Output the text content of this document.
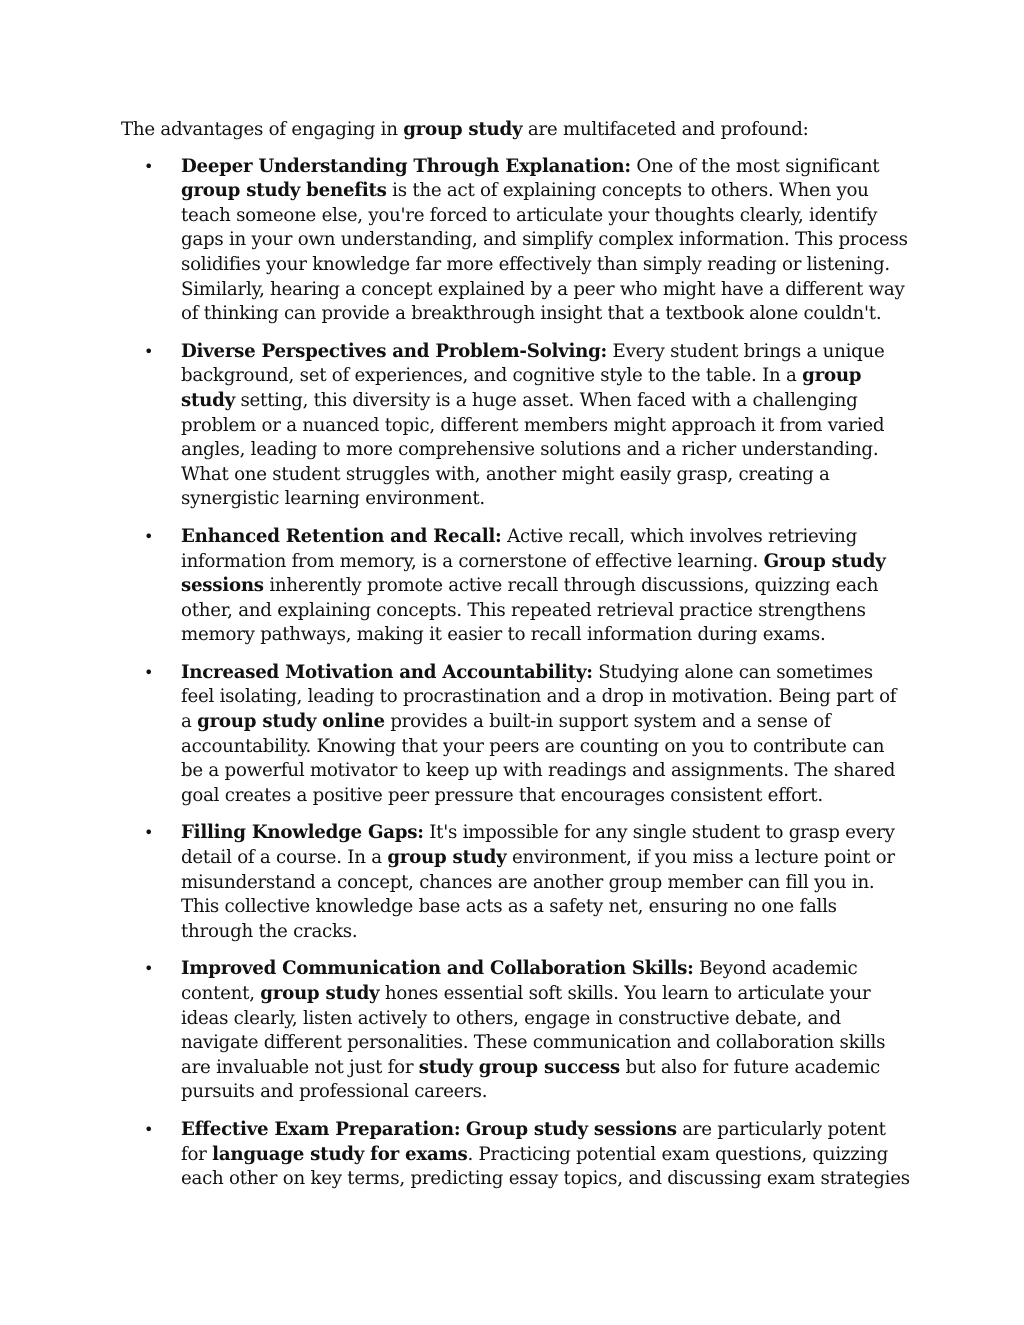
The advantages of engaging in group study are multifaceted and profound:

• Deeper Understanding Through Explanation: One of the most significant group study benefits is the act of explaining concepts to others. When you teach someone else, you're forced to articulate your thoughts clearly, identify gaps in your own understanding, and simplify complex information. This process solidifies your knowledge far more effectively than simply reading or listening. Similarly, hearing a concept explained by a peer who might have a different way of thinking can provide a breakthrough insight that a textbook alone couldn't.
• Diverse Perspectives and Problem-Solving: Every student brings a unique background, set of experiences, and cognitive style to the table. In a group study setting, this diversity is a huge asset. When faced with a challenging problem or a nuanced topic, different members might approach it from varied angles, leading to more comprehensive solutions and a richer understanding. What one student struggles with, another might easily grasp, creating a synergistic learning environment.
• Enhanced Retention and Recall: Active recall, which involves retrieving information from memory, is a cornerstone of effective learning. Group study sessions inherently promote active recall through discussions, quizzing each other, and explaining concepts. This repeated retrieval practice strengthens memory pathways, making it easier to recall information during exams.
• Increased Motivation and Accountability: Studying alone can sometimes feel isolating, leading to procrastination and a drop in motivation. Being part of a group study online provides a built-in support system and a sense of accountability. Knowing that your peers are counting on you to contribute can be a powerful motivator to keep up with readings and assignments. The shared goal creates a positive peer pressure that encourages consistent effort.
• Filling Knowledge Gaps: It's impossible for any single student to grasp every detail of a course. In a group study environment, if you miss a lecture point or misunderstand a concept, chances are another group member can fill you in. This collective knowledge base acts as a safety net, ensuring no one falls through the cracks.
• Improved Communication and Collaboration Skills: Beyond academic content, group study hones essential soft skills. You learn to articulate your ideas clearly, listen actively to others, engage in constructive debate, and navigate different personalities. These communication and collaboration skills are invaluable not just for study group success but also for future academic pursuits and professional careers.
• Effective Exam Preparation: Group study sessions are particularly potent for language study for exams. Practicing potential exam questions, quizzing each other on key terms, predicting essay topics, and discussing exam strategies
